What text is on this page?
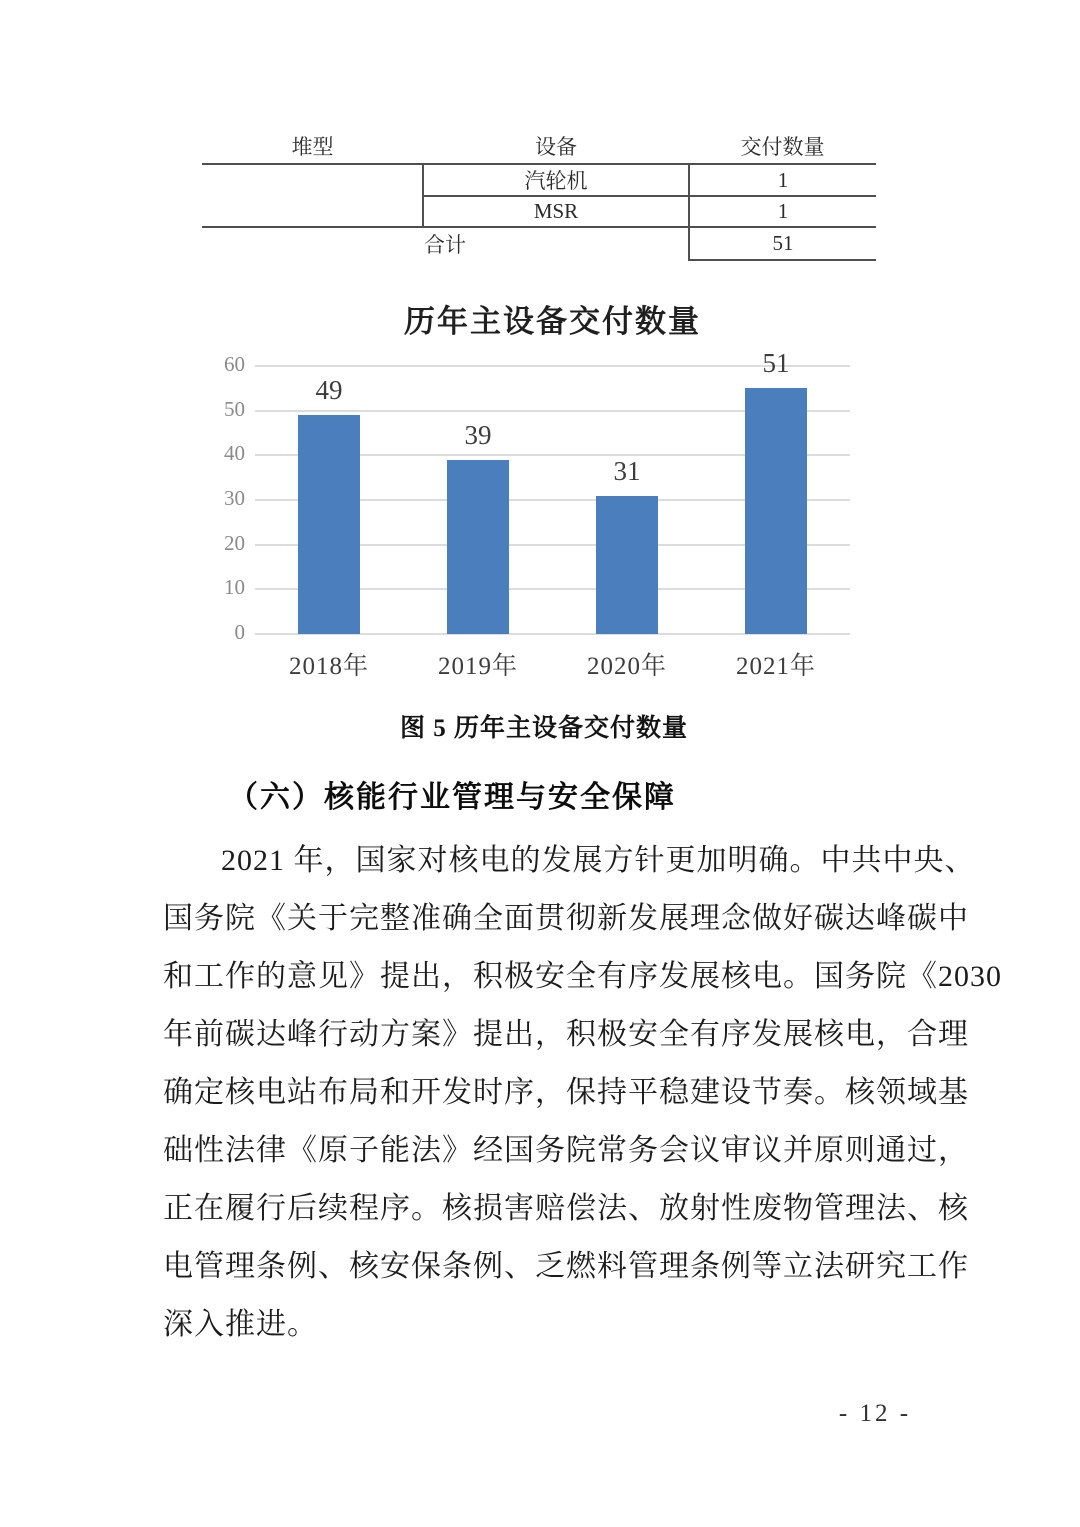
堆型	设备	交付数量
	汽轮机	1
	MSR	1
合计		51
历年主设备交付数量
0
10
20
30
40
50
60
49
2018年
39
2019年
31
2020年
51
2021年
图 5 历年主设备交付数量
（六）核能行业管理与安全保障
2021 年，国家对核电的发展方针更加明确。中共中央、
国务院《关于完整准确全面贯彻新发展理念做好碳达峰碳中
和工作的意见》提出，积极安全有序发展核电。国务院《2030
年前碳达峰行动方案》提出，积极安全有序发展核电，合理
确定核电站布局和开发时序，保持平稳建设节奏。核领域基
础性法律《原子能法》经国务院常务会议审议并原则通过，
正在履行后续程序。核损害赔偿法、放射性废物管理法、核
电管理条例、核安保条例、乏燃料管理条例等立法研究工作
深入推进。
- 12 -
